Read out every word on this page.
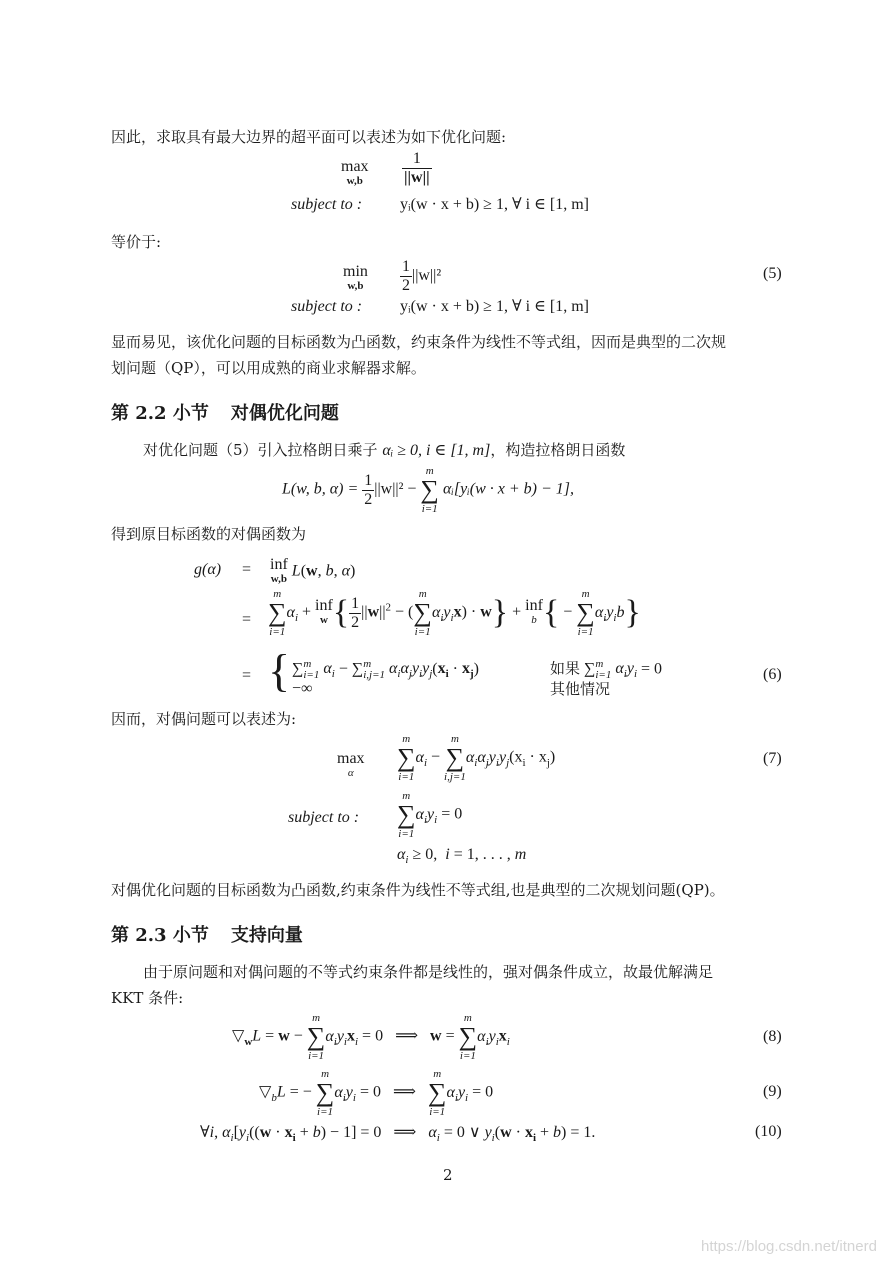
因此，求取具有最大边界的超平面可以表述为如下优化问题:
max
$w,b \frac{1}{||w||}$
subject to : yᵢ(w · x + b) ≥ 1, ∀ i ∈ [1, m]
等价于:
min
$w,b \frac{1}{2} ||w||^2$	(5)
subject to : yᵢ(w · x + b) ≥ 1, ∀ i ∈ [1, m]
显而易见，该优化问题的目标函数为凸函数，约束条件为线性不等式组，因而是典型的二次规
划问题（QP），可以用成熟的商业求解器求解。
第 2.2 小节 对偶优化问题
对优化问题（5）引入拉格朗日乘子 αᵢ ≥ 0, i ∈ [1, m]，构造拉格朗日函数
L(w, b, $\alpha) = \frac{1}{2} ||w||^2$ −
m
∑
i=1
αᵢ[yᵢ(w · x + b) − 1],
得到原目标函数的对偶函数为
g(α) = inf
w,b L(w, b, α)
=
m
∑
i=1
$\alpha_i$ + inf
w { $\frac{1}{2} ||w||^2$ − (
m
∑
i=1
$\alpha_iy_ix) \cdot w$} + inf
b { −
m
∑
i=1
$\alpha_iy_ib$}
= { ∑$^m_{i=1}$ $\alpha_i - \sum^m_{i,j=1}$ $\alpha_i\alpha_jy_iy_j(x_i \cdot x_j)$	如果 ∑$^m_{i=1}$ $\alpha_iy_i = 0$
−∞	其他情况
(6)
因而，对偶问题可以表述为:
max
α
m
∑
i=1
$\alpha_i$ −
m
∑
i,j=1
$\alpha_i\alpha_jy_iy_j(x_i \cdot x_j)$	(7)
subject to :
m
∑
i=1
$\alpha_iy_i = 0$
$\alpha_i \ge 0$,  i = 1, . . . , m
对偶优化问题的目标函数为凸函数,约束条件为线性不等式组,也是典型的二次规划问题(QP)。
第 2.3 小节 支持向量
由于原问题和对偶问题的不等式约束条件都是线性的，强对偶条件成立，故最优解满足
KKT 条件:
$▽_wL = w$ −
m
∑
i=1
$\alpha_iy_ix_i = 0$   ⟹   w =
m
∑
i=1
$\alpha_iy_ix_i$	(8)
$▽_bL$ = −
m
∑
i=1
$\alpha_iy_i = 0$   ⟹
m
∑
i=1
$\alpha_iy_i = 0$	(9)
∀i, $\alpha_i[y_i((w \cdot x_i + b) - 1] = 0$   ⟹   $\alpha_i = 0$ ∨ $y_i(w \cdot x_i + b) = 1$.	(10)
2
https://blog.csdn.net/itnerd
